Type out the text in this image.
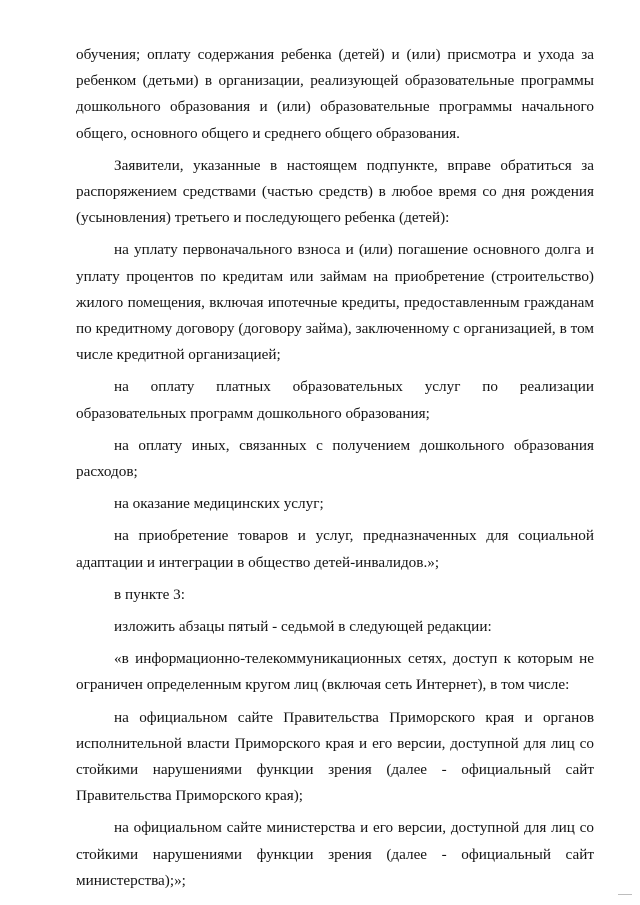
обучения; оплату содержания ребенка (детей) и (или) присмотра и ухода за ребенком (детьми) в организации, реализующей образовательные программы дошкольного образования и (или) образовательные программы начального общего, основного общего и среднего общего образования.

Заявители, указанные в настоящем подпункте, вправе обратиться за распоряжением средствами (частью средств) в любое время со дня рождения (усыновления) третьего и последующего ребенка (детей):

на уплату первоначального взноса и (или) погашение основного долга и уплату процентов по кредитам или займам на приобретение (строительство) жилого помещения, включая ипотечные кредиты, предоставленным гражданам по кредитному договору (договору займа), заключенному с организацией, в том числе кредитной организацией;

на оплату платных образовательных услуг по реализации образовательных программ дошкольного образования;

на оплату иных, связанных с получением дошкольного образования расходов;

на оказание медицинских услуг;

на приобретение товаров и услуг, предназначенных для социальной адаптации и интеграции в общество детей-инвалидов.»;

в пункте 3:

изложить абзацы пятый - седьмой в следующей редакции:

«в информационно-телекоммуникационных сетях, доступ к которым не ограничен определенным кругом лиц (включая сеть Интернет), в том числе:

на официальном сайте Правительства Приморского края и органов исполнительной власти Приморского края и его версии, доступной для лиц со стойкими нарушениями функции зрения (далее - официальный сайт Правительства Приморского края);

на официальном сайте министерства и его версии, доступной для лиц со стойкими нарушениями функции зрения (далее - официальный сайт министерства);»;
